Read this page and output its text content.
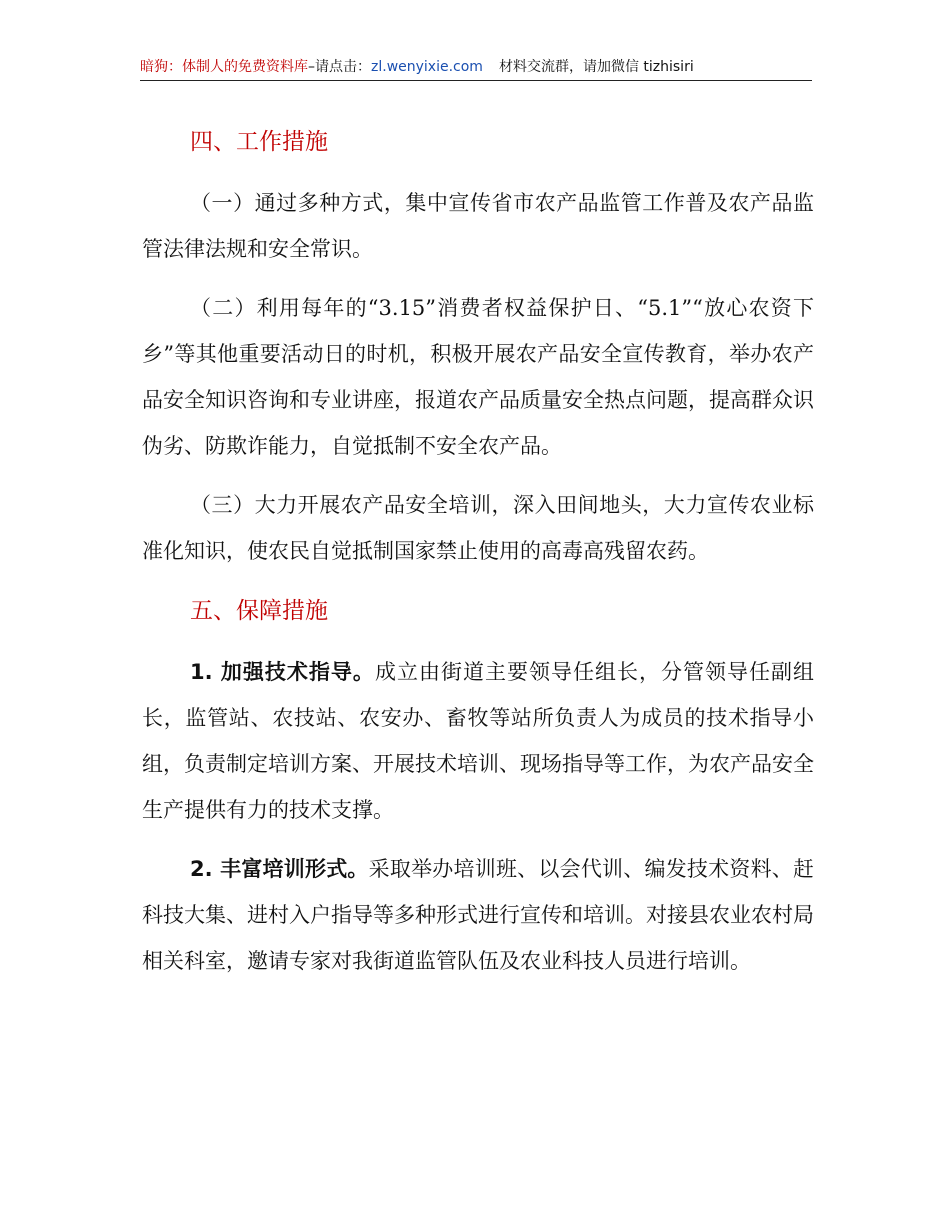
暗狗：体制人的免费资料库–请点击：zl.wenyixie.com 材料交流群，请加微信 tizhisiri
四、工作措施

（一）通过多种方式，集中宣传省市农产品监管工作普及农产品监管法律法规和安全常识。

（二）利用每年的“3.15”消费者权益保护日、“5.1”“放心农资下乡”等其他重要活动日的时机，积极开展农产品安全宣传教育，举办农产品安全知识咨询和专业讲座，报道农产品质量安全热点问题，提高群众识伪劣、防欺诈能力，自觉抵制不安全农产品。

（三）大力开展农产品安全培训，深入田间地头，大力宣传农业标准化知识，使农民自觉抵制国家禁止使用的高毒高残留农药。

五、保障措施

1. 加强技术指导。成立由街道主要领导任组长，分管领导任副组长，监管站、农技站、农安办、畜牧等站所负责人为成员的技术指导小组，负责制定培训方案、开展技术培训、现场指导等工作，为农产品安全生产提供有力的技术支撑。

2. 丰富培训形式。采取举办培训班、以会代训、编发技术资料、赶科技大集、进村入户指导等多种形式进行宣传和培训。对接县农业农村局相关科室，邀请专家对我街道监管队伍及农业科技人员进行培训。
